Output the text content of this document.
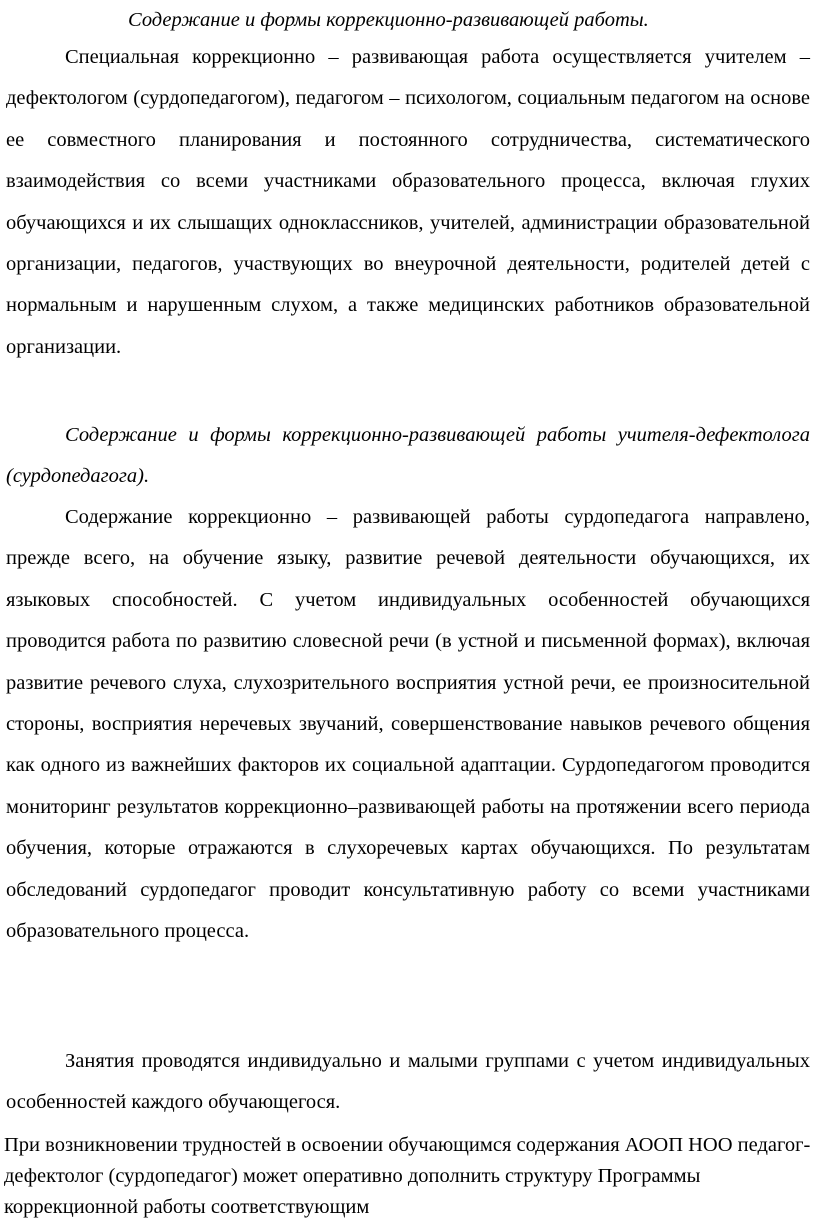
Содержание и формы коррекционно-развивающей работы.

Специальная коррекционно – развивающая работа осуществляется учителем – дефектологом (сурдопедагогом), педагогом – психологом, социальным педагогом на основе ее совместного планирования и постоянного сотрудничества, систематического взаимодействия со всеми участниками образовательного процесса, включая глухих обучающихся и их слышащих одноклассников, учителей, администрации образовательной организации, педагогов, участвующих во внеурочной деятельности, родителей детей с нормальным и нарушенным слухом, а также медицинских работников образовательной организации.

Содержание и формы коррекционно-развивающей работы учителя-дефектолога (сурдопедагога).

Содержание коррекционно – развивающей работы сурдопедагога направлено, прежде всего, на обучение языку, развитие речевой деятельности обучающихся, их языковых способностей. С учетом индивидуальных особенностей обучающихся проводится работа по развитию словесной речи (в устной и письменной формах), включая развитие речевого слуха, слухозрительного восприятия устной речи, ее произносительной стороны, восприятия неречевых звучаний, совершенствование навыков речевого общения как одного из важнейших факторов их социальной адаптации. Сурдопедагогом проводится мониторинг результатов коррекционно–развивающей работы на протяжении всего периода обучения, которые отражаются в слухоречевых картах обучающихся. По результатам обследований сурдопедагог проводит консультативную работу со всеми участниками образовательного процесса.

Занятия проводятся индивидуально и малыми группами с учетом индивидуальных особенностей каждого обучающегося.

При возникновении трудностей в освоении обучающимся содержания АООП НОО педагог-дефектолог (сурдопедагог) может оперативно дополнить структуру Программы коррекционной работы соответствующим
